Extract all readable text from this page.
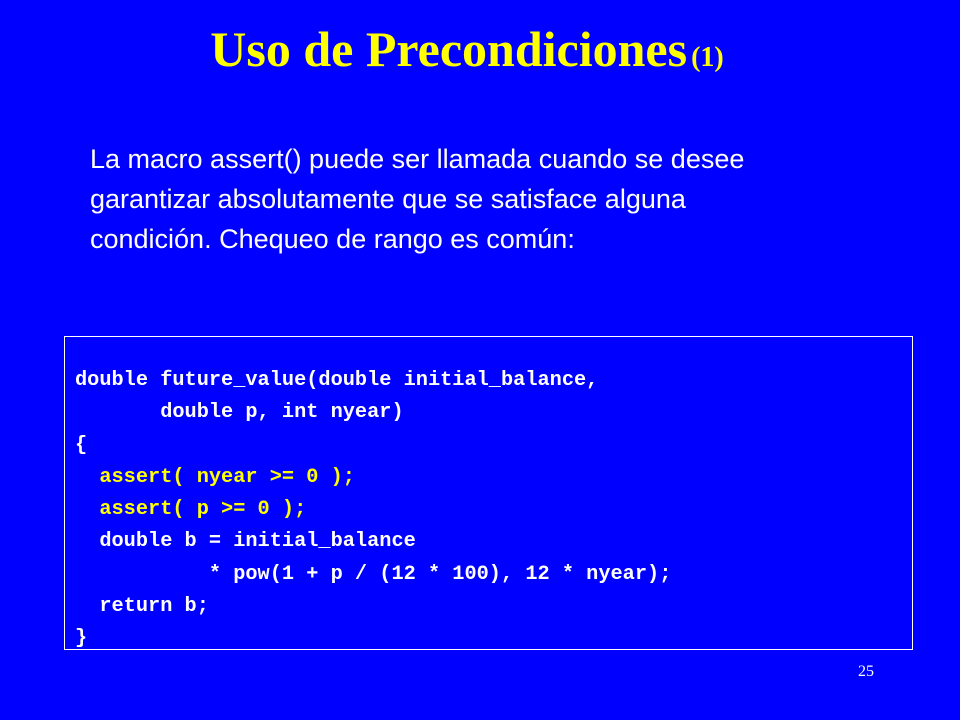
Uso de Precondiciones (1)
La macro assert() puede ser llamada cuando se desee
garantizar absolutamente que se satisface alguna
condición. Chequeo de rango es común:
double future_value(double initial_balance,
double p, int nyear)
{
assert( nyear >= 0 );
assert( p >= 0 );
double b = initial_balance
* pow(1 + p / (12 * 100), 12 * nyear);
return b;
}
25
